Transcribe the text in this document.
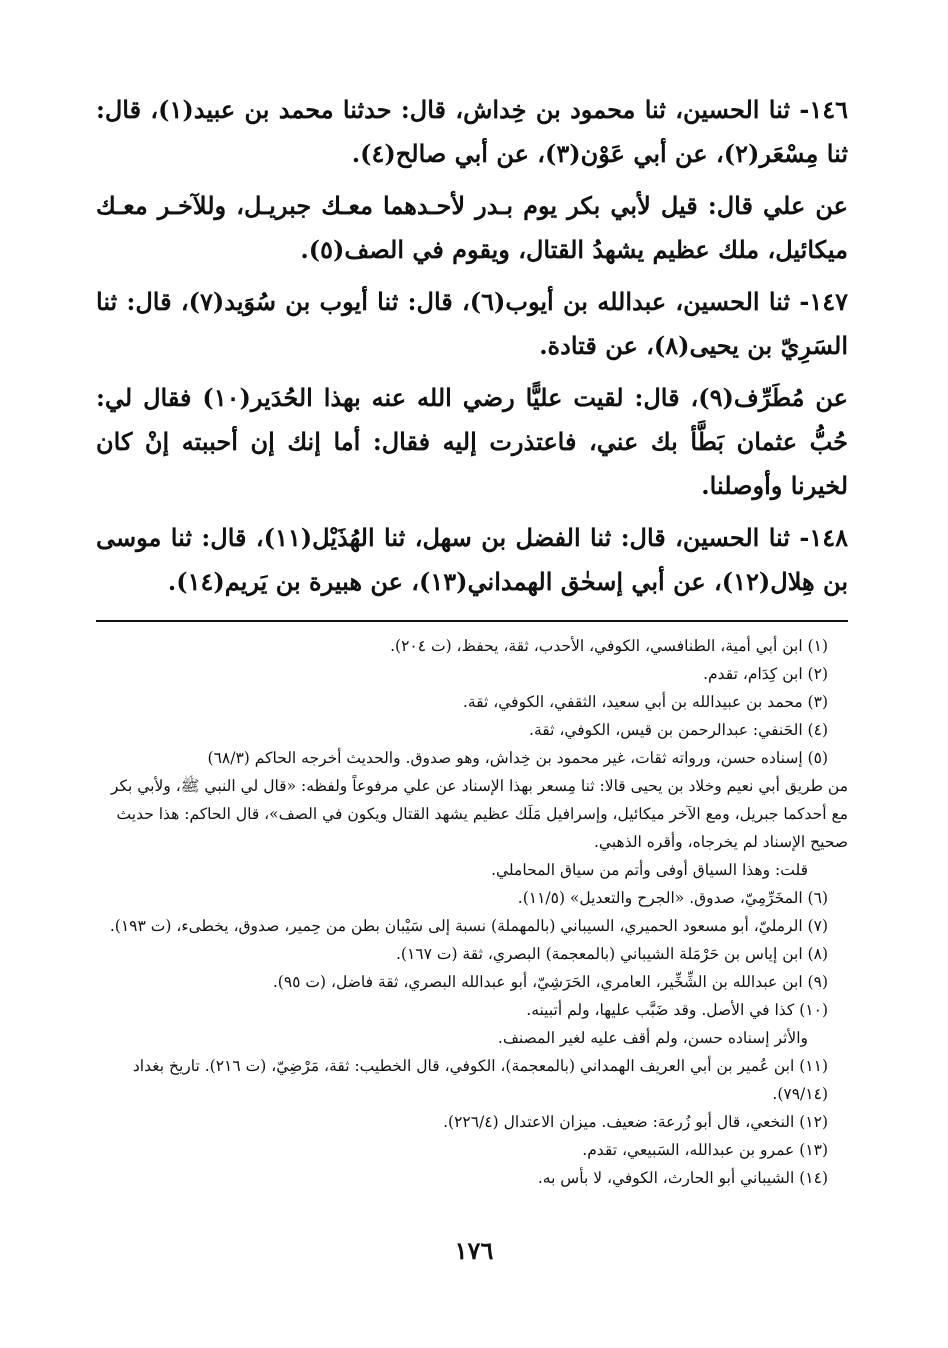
١٤٦- ثنا الحسين، ثنا محمود بن خِداش، قال: حدثنا محمد بن عبيد(١)، قال: ثنا مِسْعَر(٢)، عن أبي عَوْن(٣)، عن أبي صالح(٤).

عن علي قال: قيل لأبي بكر يوم بـدر لأحـدهما معـك جبريـل، وللآخـر معـك ميكائيل، ملك عظيم يشهدُ القتال، ويقوم في الصف(٥).

١٤٧- ثنا الحسين، عبدالله بن أيوب(٦)، قال: ثنا أيوب بن سُوَيد(٧)، قال: ثنا السَرِيّ بن يحيى(٨)، عن قتادة.

عن مُطَرِّف(٩)، قال: لقيت عليًّا رضي الله عنه بهذا الحُدَير(١٠) فقال لي: حُبُّ عثمان بَطَّأ بك عني، فاعتذرت إليه فقال: أما إنك إن أحببته إنْ كان لخيرنا وأوصلنا.

١٤٨- ثنا الحسين، قال: ثنا الفضل بن سهل، ثنا الهُذَيْل(١١)، قال: ثنا موسى بن هِلال(١٢)، عن أبي إسحٰق الهمداني(١٣)، عن هبيرة بن يَريم(١٤).

(١) ابن أبي أمية، الطنافسي، الكوفي، الأحدب، ثقة، يحفظ، (ت ٢٠٤).

(٢) ابن كِدَام، تقدم.

(٣) محمد بن عبيدالله بن أبي سعيد، الثقفي، الكوفي، ثقة.

(٤) الحَنفي: عبدالرحمن بن قيس، الكوفي، ثقة.

(٥) إسناده حسن، ورواته ثقات، غير محمود بن خِداش، وهو صدوق. والحديث أخرجه الحاكم (٦٨/٣)

من طريق أبي نعيم وخلاد بن يحيى قالا: ثنا مِسعر بهذا الإسناد عن علي مرفوعاً ولفظه: «قال لي النبي ﷺ، ولأبي بكر مع أحدكما جبريل، ومع الآخر ميكائيل، وإسرافيل مَلَك عظيم يشهد القتال ويكون في الصف»، قال الحاكم: هذا حديث صحيح الإسناد لم يخرجاه، وأقره الذهبي.

قلت: وهذا السياق أوفى وأتم من سياق المحاملي.

(٦) المخَرِّمِيّ، صدوق. «الجرح والتعديل» (١١/٥).

(٧) الرمليّ، أبو مسعود الحميري، السيباني (بالمهملة) نسبة إلى سَيْبان بطن من حِمير، صدوق، يخطىء، (ت ١٩٣).

(٨) ابن إياس بن حَرْمَلة الشيباني (بالمعجمة) البصري، ثقة (ت ١٦٧).

(٩) ابن عبدالله بن الشِّخِّير، العامري، الحَرَشِيّ، أبو عبدالله البصري، ثقة فاضل، (ت ٩٥).

(١٠) كذا في الأصل. وقد ضَبَّب عليها، ولم أتبينه.

والأثر إسناده حسن، ولم أقف عليه لغير المصنف.

(١١) ابن عُمير بن أبي العريف الهمداني (بالمعجمة)، الكوفي، قال الخطيب: ثقة، مَرْضِيّ، (ت ٢١٦). تاريخ بغداد (٧٩/١٤).

(١٢) النخعي، قال أبو زُرعة: ضعيف. ميزان الاعتدال (٢٢٦/٤).

(١٣) عمرو بن عبدالله، السَبيعي، تقدم.

(١٤) الشيباني أبو الحارث، الكوفي، لا بأس به.

١٧٦
